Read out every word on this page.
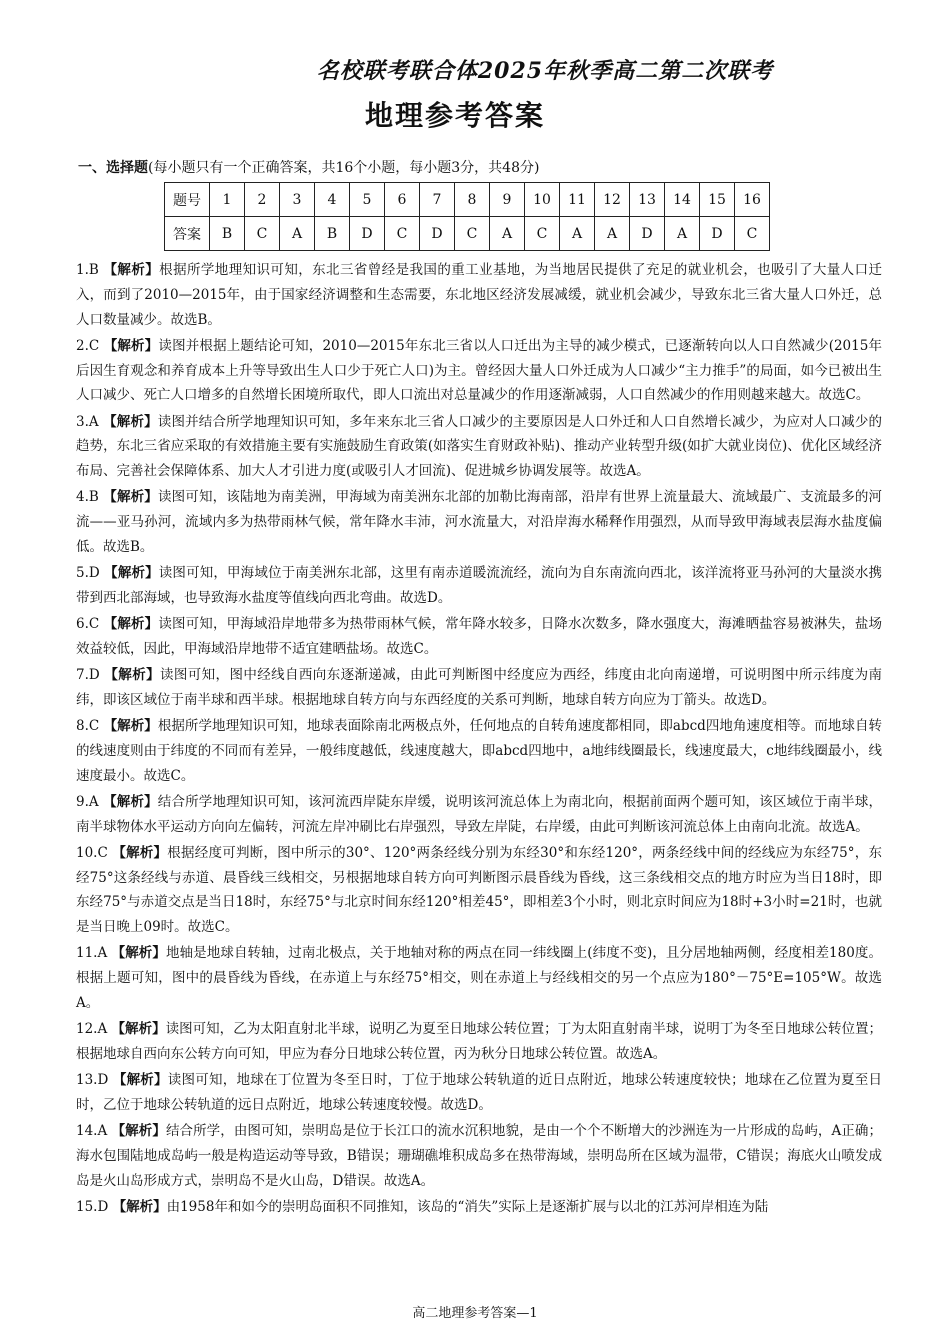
名校联考联合体2025年秋季高二第二次联考
地理参考答案
一、选择题(每小题只有一个正确答案，共16个小题，每小题3分，共48分)
题号	1	2	3	4	5	6	7	8	9	10	11	12	13	14	15	16
答案	B	C	A	B	D	C	D	C	A	C	A	A	D	A	D	C
1.B 【解析】根据所学地理知识可知，东北三省曾经是我国的重工业基地，为当地居民提供了充足的就业机会，也吸引了大量人口迁入，而到了2010—2015年，由于国家经济调整和生态需要，东北地区经济发展减缓，就业机会减少，导致东北三省大量人口外迁，总人口数量减少。故选B。
2.C 【解析】读图并根据上题结论可知，2010—2015年东北三省以人口迁出为主导的减少模式，已逐渐转向以人口自然减少(2015年后因生育观念和养育成本上升等导致出生人口少于死亡人口)为主。曾经因大量人口外迁成为人口减少“主力推手”的局面，如今已被出生人口减少、死亡人口增多的自然增长困境所取代，即人口流出对总量减少的作用逐渐减弱，人口自然减少的作用则越来越大。故选C。
3.A 【解析】读图并结合所学地理知识可知，多年来东北三省人口减少的主要原因是人口外迁和人口自然增长减少，为应对人口减少的趋势，东北三省应采取的有效措施主要有实施鼓励生育政策(如落实生育财政补贴)、推动产业转型升级(如扩大就业岗位)、优化区域经济布局、完善社会保障体系、加大人才引进力度(或吸引人才回流)、促进城乡协调发展等。故选A。
4.B 【解析】读图可知，该陆地为南美洲，甲海域为南美洲东北部的加勒比海南部，沿岸有世界上流量最大、流域最广、支流最多的河流——亚马孙河，流域内多为热带雨林气候，常年降水丰沛，河水流量大，对沿岸海水稀释作用强烈，从而导致甲海域表层海水盐度偏低。故选B。
5.D 【解析】读图可知，甲海域位于南美洲东北部，这里有南赤道暖流流经，流向为自东南流向西北，该洋流将亚马孙河的大量淡水携带到西北部海域，也导致海水盐度等值线向西北弯曲。故选D。
6.C 【解析】读图可知，甲海域沿岸地带多为热带雨林气候，常年降水较多，日降水次数多，降水强度大，海滩晒盐容易被淋失，盐场效益较低，因此，甲海域沿岸地带不适宜建晒盐场。故选C。
7.D 【解析】读图可知，图中经线自西向东逐渐递减，由此可判断图中经度应为西经，纬度由北向南递增，可说明图中所示纬度为南纬，即该区域位于南半球和西半球。根据地球自转方向与东西经度的关系可判断，地球自转方向应为丁箭头。故选D。
8.C 【解析】根据所学地理知识可知，地球表面除南北两极点外，任何地点的自转角速度都相同，即abcd四地角速度相等。而地球自转的线速度则由于纬度的不同而有差异，一般纬度越低，线速度越大，即abcd四地中，a地纬线圈最长，线速度最大，c地纬线圈最小，线速度最小。故选C。
9.A 【解析】结合所学地理知识可知，该河流西岸陡东岸缓，说明该河流总体上为南北向，根据前面两个题可知，该区域位于南半球，南半球物体水平运动方向向左偏转，河流左岸冲刷比右岸强烈，导致左岸陡，右岸缓，由此可判断该河流总体上由南向北流。故选A。
10.C 【解析】根据经度可判断，图中所示的30°、120°两条经线分别为东经30°和东经120°，两条经线中间的经线应为东经75°，东经75°这条经线与赤道、晨昏线三线相交，另根据地球自转方向可判断图示晨昏线为昏线，这三条线相交点的地方时应为当日18时，即东经75°与赤道交点是当日18时，东经75°与北京时间东经120°相差45°，即相差3个小时，则北京时间应为18时+3小时=21时，也就是当日晚上09时。故选C。
11.A 【解析】地轴是地球自转轴，过南北极点，关于地轴对称的两点在同一纬线圈上(纬度不变)，且分居地轴两侧，经度相差180度。根据上题可知，图中的晨昏线为昏线，在赤道上与东经75°相交，则在赤道上与经线相交的另一个点应为180°－75°E=105°W。故选A。
12.A 【解析】读图可知，乙为太阳直射北半球，说明乙为夏至日地球公转位置；丁为太阳直射南半球，说明丁为冬至日地球公转位置；根据地球自西向东公转方向可知，甲应为春分日地球公转位置，丙为秋分日地球公转位置。故选A。
13.D 【解析】读图可知，地球在丁位置为冬至日时，丁位于地球公转轨道的近日点附近，地球公转速度较快；地球在乙位置为夏至日时，乙位于地球公转轨道的远日点附近，地球公转速度较慢。故选D。
14.A 【解析】结合所学，由图可知，崇明岛是位于长江口的流水沉积地貌，是由一个个不断增大的沙洲连为一片形成的岛屿，A正确；海水包围陆地成岛屿一般是构造运动等导致，B错误；珊瑚礁堆积成岛多在热带海域，崇明岛所在区域为温带，C错误；海底火山喷发成岛是火山岛形成方式，崇明岛不是火山岛，D错误。故选A。
15.D 【解析】由1958年和如今的崇明岛面积不同推知，该岛的“消失”实际上是逐渐扩展与以北的江苏河岸相连为陆
高二地理参考答案—1
